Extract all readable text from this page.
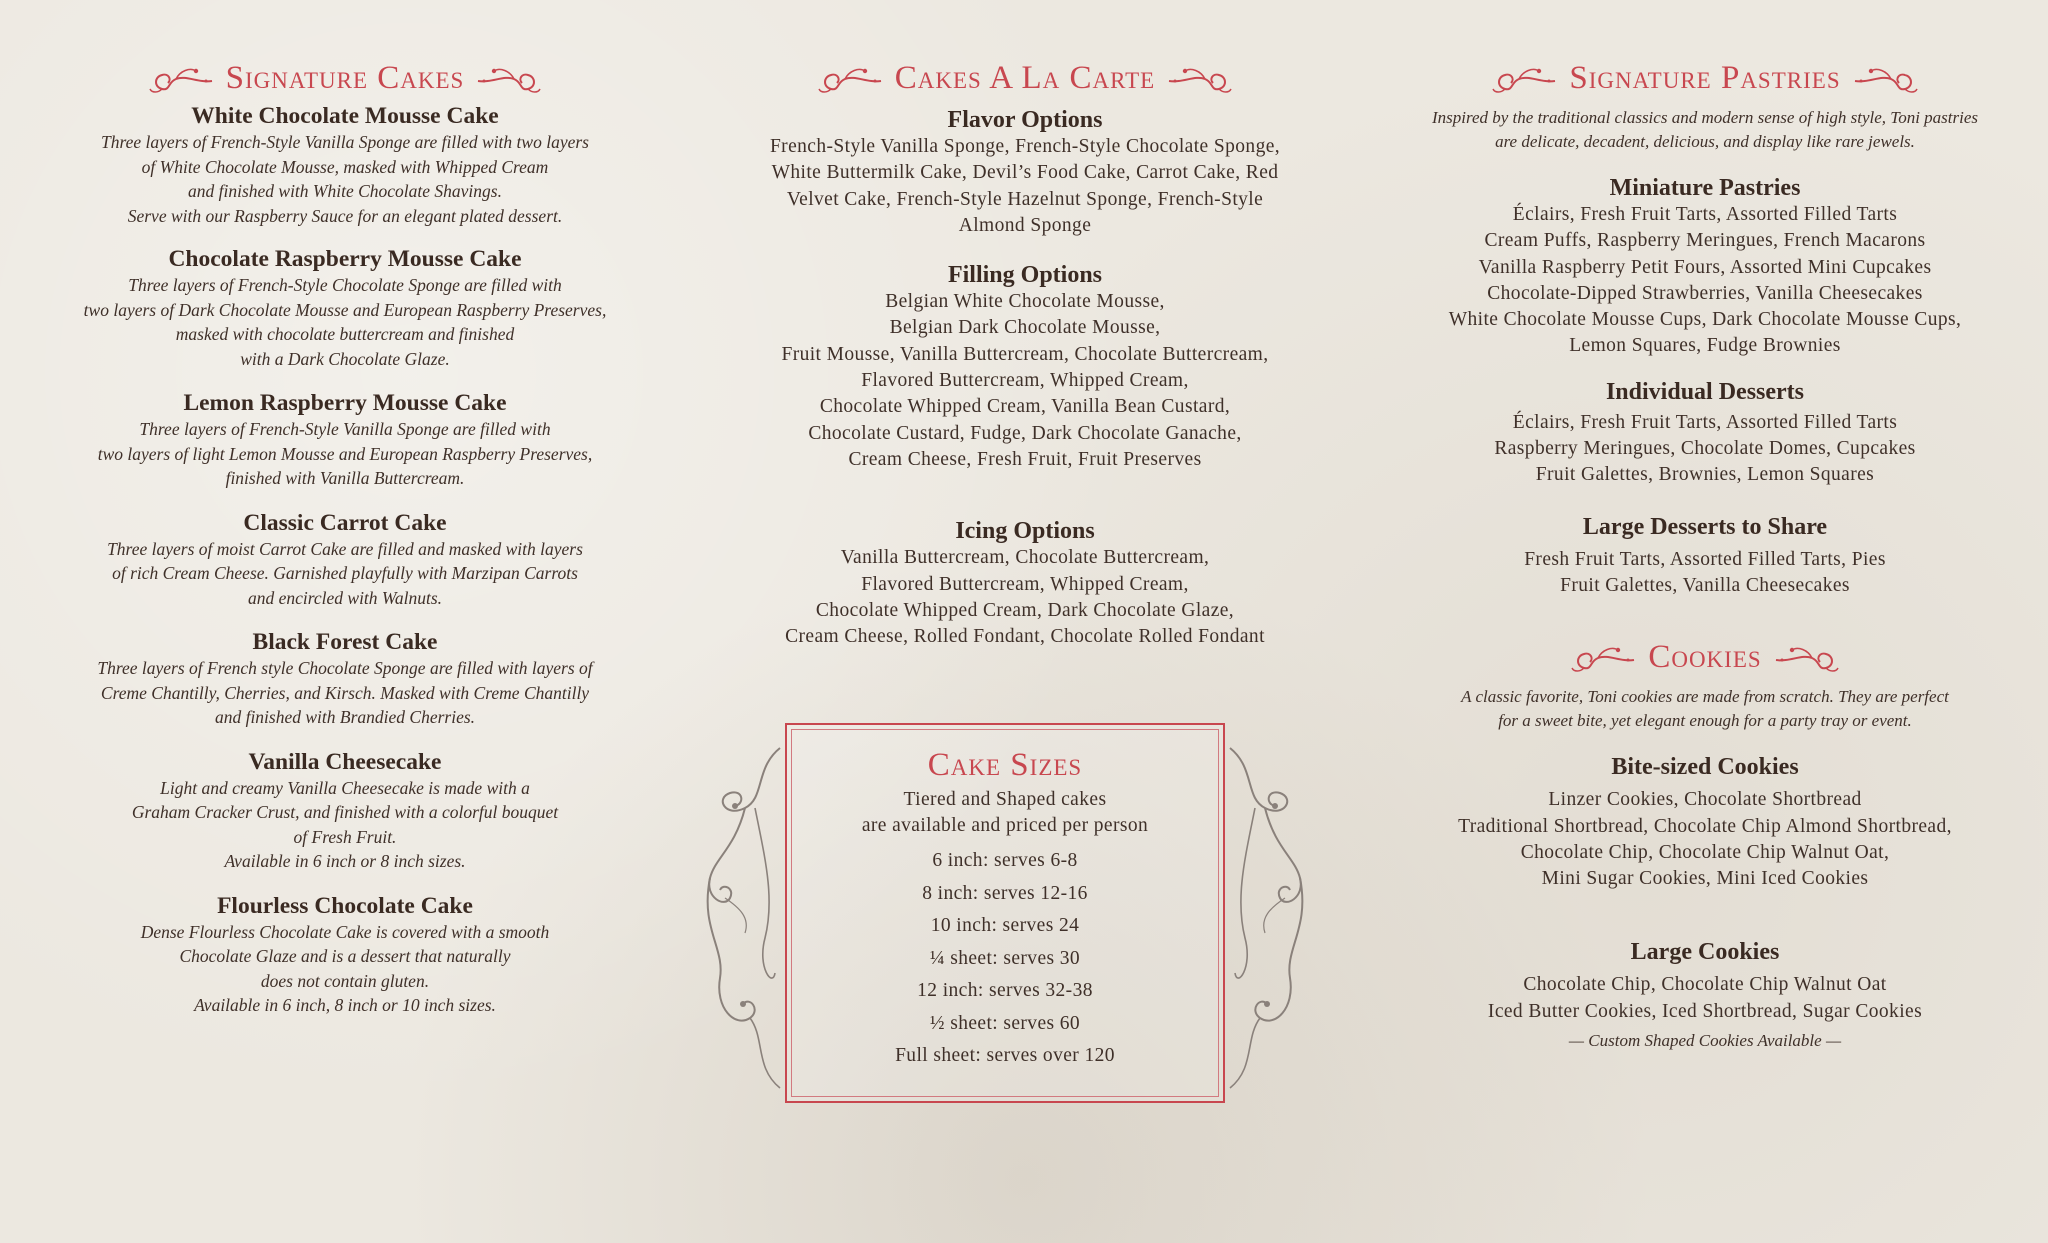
Signature Cakes

White Chocolate Mousse Cake

Three layers of French-Style Vanilla Sponge are filled with two layers
of White Chocolate Mousse, masked with Whipped Cream
and finished with White Chocolate Shavings.
Serve with our Raspberry Sauce for an elegant plated dessert.

Chocolate Raspberry Mousse Cake

Three layers of French-Style Chocolate Sponge are filled with
two layers of Dark Chocolate Mousse and European Raspberry Preserves,
masked with chocolate buttercream and finished
with a Dark Chocolate Glaze.

Lemon Raspberry Mousse Cake

Three layers of French-Style Vanilla Sponge are filled with
two layers of light Lemon Mousse and European Raspberry Preserves,
finished with Vanilla Buttercream.

Classic Carrot Cake

Three layers of moist Carrot Cake are filled and masked with layers
of rich Cream Cheese. Garnished playfully with Marzipan Carrots
and encircled with Walnuts.

Black Forest Cake

Three layers of French style Chocolate Sponge are filled with layers of
Creme Chantilly, Cherries, and Kirsch. Masked with Creme Chantilly
and finished with Brandied Cherries.

Vanilla Cheesecake

Light and creamy Vanilla Cheesecake is made with a
Graham Cracker Crust, and finished with a colorful bouquet
of Fresh Fruit.
Available in 6 inch or 8 inch sizes.

Flourless Chocolate Cake

Dense Flourless Chocolate Cake is covered with a smooth
Chocolate Glaze and is a dessert that naturally
does not contain gluten.
Available in 6 inch, 8 inch or 10 inch sizes.

Cakes A La Carte

Flavor Options

French-Style Vanilla Sponge, French-Style Chocolate Sponge,
White Buttermilk Cake, Devil’s Food Cake, Carrot Cake, Red
Velvet Cake, French-Style Hazelnut Sponge, French-Style
Almond Sponge

Filling Options

Belgian White Chocolate Mousse,
Belgian Dark Chocolate Mousse,
Fruit Mousse, Vanilla Buttercream, Chocolate Buttercream,
Flavored Buttercream, Whipped Cream,
Chocolate Whipped Cream, Vanilla Bean Custard,
Chocolate Custard, Fudge, Dark Chocolate Ganache,
Cream Cheese, Fresh Fruit, Fruit Preserves

Icing Options

Vanilla Buttercream, Chocolate Buttercream,
Flavored Buttercream, Whipped Cream,
Chocolate Whipped Cream, Dark Chocolate Glaze,
Cream Cheese, Rolled Fondant, Chocolate Rolled Fondant

Cake Sizes

Tiered and Shaped cakes
are available and priced per person

6 inch: serves 6-8
8 inch: serves 12-16
10 inch: serves 24
¼ sheet: serves 30
12 inch: serves 32-38
½ sheet: serves 60
Full sheet: serves over 120
Signature Pastries

Inspired by the traditional classics and modern sense of high style, Toni pastries
are delicate, decadent, delicious, and display like rare jewels.

Miniature Pastries

Éclairs, Fresh Fruit Tarts, Assorted Filled Tarts
Cream Puffs, Raspberry Meringues, French Macarons
Vanilla Raspberry Petit Fours, Assorted Mini Cupcakes
Chocolate-Dipped Strawberries, Vanilla Cheesecakes
White Chocolate Mousse Cups, Dark Chocolate Mousse Cups,
Lemon Squares, Fudge Brownies

Individual Desserts

Éclairs, Fresh Fruit Tarts, Assorted Filled Tarts
Raspberry Meringues, Chocolate Domes, Cupcakes
Fruit Galettes, Brownies, Lemon Squares

Large Desserts to Share

Fresh Fruit Tarts, Assorted Filled Tarts, Pies
Fruit Galettes, Vanilla Cheesecakes

Cookies

A classic favorite, Toni cookies are made from scratch. They are perfect
for a sweet bite, yet elegant enough for a party tray or event.

Bite-sized Cookies

Linzer Cookies, Chocolate Shortbread
Traditional Shortbread, Chocolate Chip Almond Shortbread,
Chocolate Chip, Chocolate Chip Walnut Oat,
Mini Sugar Cookies, Mini Iced Cookies

Large Cookies

Chocolate Chip, Chocolate Chip Walnut Oat
Iced Butter Cookies, Iced Shortbread, Sugar Cookies

— Custom Shaped Cookies Available —
